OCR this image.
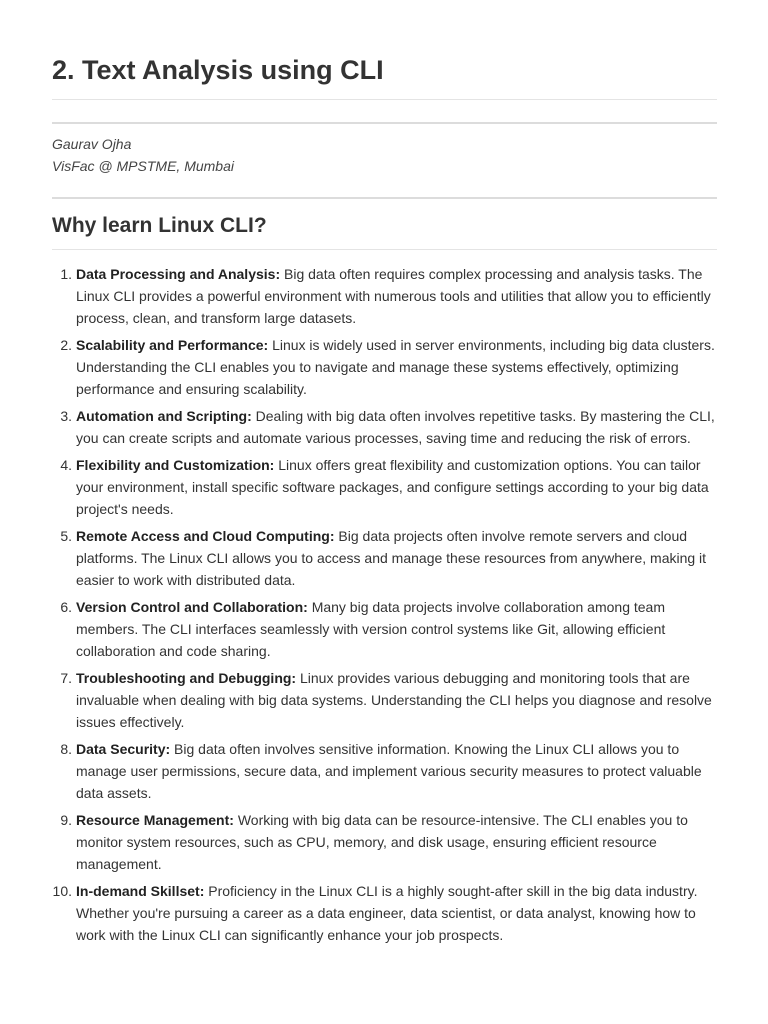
2. Text Analysis using CLI
Gaurav Ojha
VisFac @ MPSTME, Mumbai
Why learn Linux CLI?
1. Data Processing and Analysis: Big data often requires complex processing and analysis tasks. The Linux CLI provides a powerful environment with numerous tools and utilities that allow you to efficiently process, clean, and transform large datasets.
2. Scalability and Performance: Linux is widely used in server environments, including big data clusters. Understanding the CLI enables you to navigate and manage these systems effectively, optimizing performance and ensuring scalability.
3. Automation and Scripting: Dealing with big data often involves repetitive tasks. By mastering the CLI, you can create scripts and automate various processes, saving time and reducing the risk of errors.
4. Flexibility and Customization: Linux offers great flexibility and customization options. You can tailor your environment, install specific software packages, and configure settings according to your big data project's needs.
5. Remote Access and Cloud Computing: Big data projects often involve remote servers and cloud platforms. The Linux CLI allows you to access and manage these resources from anywhere, making it easier to work with distributed data.
6. Version Control and Collaboration: Many big data projects involve collaboration among team members. The CLI interfaces seamlessly with version control systems like Git, allowing efficient collaboration and code sharing.
7. Troubleshooting and Debugging: Linux provides various debugging and monitoring tools that are invaluable when dealing with big data systems. Understanding the CLI helps you diagnose and resolve issues effectively.
8. Data Security: Big data often involves sensitive information. Knowing the Linux CLI allows you to manage user permissions, secure data, and implement various security measures to protect valuable data assets.
9. Resource Management: Working with big data can be resource-intensive. The CLI enables you to monitor system resources, such as CPU, memory, and disk usage, ensuring efficient resource management.
10. In-demand Skillset: Proficiency in the Linux CLI is a highly sought-after skill in the big data industry. Whether you're pursuing a career as a data engineer, data scientist, or data analyst, knowing how to work with the Linux CLI can significantly enhance your job prospects.
